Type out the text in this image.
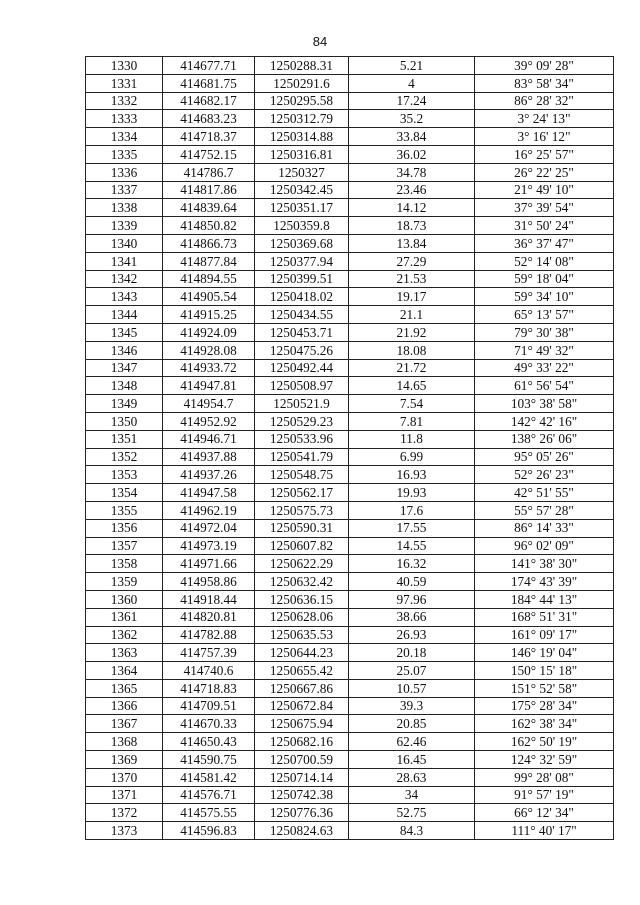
84
1330	414677.71	1250288.31	5.21	39° 09' 28"
1331	414681.75	1250291.6	4	83° 58' 34"
1332	414682.17	1250295.58	17.24	86° 28' 32"
1333	414683.23	1250312.79	35.2	3° 24' 13"
1334	414718.37	1250314.88	33.84	3° 16' 12"
1335	414752.15	1250316.81	36.02	16° 25' 57"
1336	414786.7	1250327	34.78	26° 22' 25"
1337	414817.86	1250342.45	23.46	21° 49' 10"
1338	414839.64	1250351.17	14.12	37° 39' 54"
1339	414850.82	1250359.8	18.73	31° 50' 24"
1340	414866.73	1250369.68	13.84	36° 37' 47"
1341	414877.84	1250377.94	27.29	52° 14' 08"
1342	414894.55	1250399.51	21.53	59° 18' 04"
1343	414905.54	1250418.02	19.17	59° 34' 10"
1344	414915.25	1250434.55	21.1	65° 13' 57"
1345	414924.09	1250453.71	21.92	79° 30' 38"
1346	414928.08	1250475.26	18.08	71° 49' 32"
1347	414933.72	1250492.44	21.72	49° 33' 22"
1348	414947.81	1250508.97	14.65	61° 56' 54"
1349	414954.7	1250521.9	7.54	103° 38' 58"
1350	414952.92	1250529.23	7.81	142° 42' 16"
1351	414946.71	1250533.96	11.8	138° 26' 06"
1352	414937.88	1250541.79	6.99	95° 05' 26"
1353	414937.26	1250548.75	16.93	52° 26' 23"
1354	414947.58	1250562.17	19.93	42° 51' 55"
1355	414962.19	1250575.73	17.6	55° 57' 28"
1356	414972.04	1250590.31	17.55	86° 14' 33"
1357	414973.19	1250607.82	14.55	96° 02' 09"
1358	414971.66	1250622.29	16.32	141° 38' 30"
1359	414958.86	1250632.42	40.59	174° 43' 39"
1360	414918.44	1250636.15	97.96	184° 44' 13"
1361	414820.81	1250628.06	38.66	168° 51' 31"
1362	414782.88	1250635.53	26.93	161° 09' 17"
1363	414757.39	1250644.23	20.18	146° 19' 04"
1364	414740.6	1250655.42	25.07	150° 15' 18"
1365	414718.83	1250667.86	10.57	151° 52' 58"
1366	414709.51	1250672.84	39.3	175° 28' 34"
1367	414670.33	1250675.94	20.85	162° 38' 34"
1368	414650.43	1250682.16	62.46	162° 50' 19"
1369	414590.75	1250700.59	16.45	124° 32' 59"
1370	414581.42	1250714.14	28.63	99° 28' 08"
1371	414576.71	1250742.38	34	91° 57' 19"
1372	414575.55	1250776.36	52.75	66° 12' 34"
1373	414596.83	1250824.63	84.3	111° 40' 17"
